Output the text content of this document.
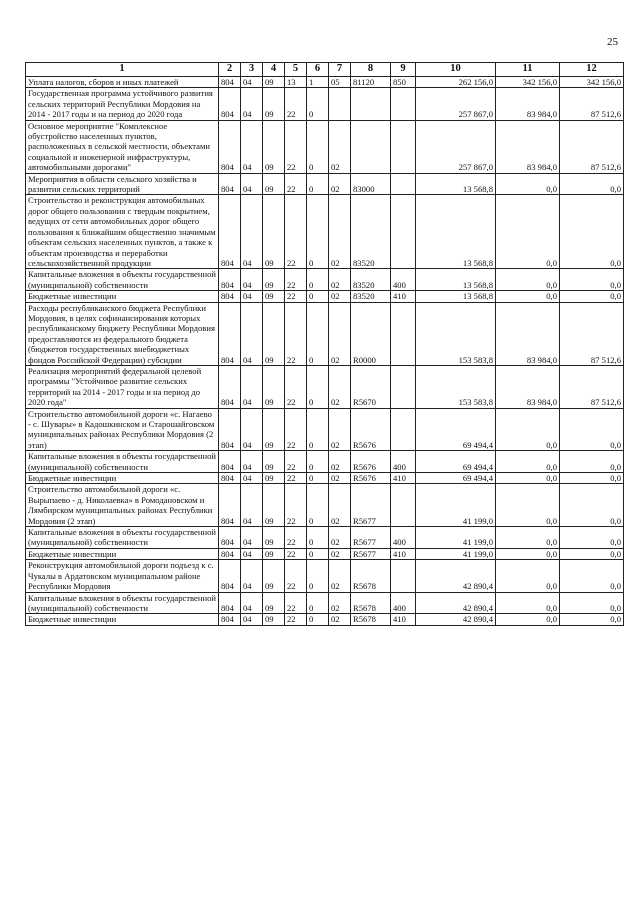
25
1	2	3	4	5	6	7	8	9	10	11	12
Уплата налогов, сборов и иных платежей	804	04	09	13	1	05	81120	850	262 156,0	342 156,0	342 156,0
Государственная программа устойчивого развития сельских территорий Республики Мордовия на 2014 - 2017 годы и на период до 2020 года	804	04	09	22	0				257 867,0	83 984,0	87 512,6
Основное мероприятие "Комплексное обустройство населенных пунктов, расположенных в сельской местности, объектами социальной и инженерной инфраструктуры, автомобильными дорогами"	804	04	09	22	0	02			257 867,0	83 984,0	87 512,6
Мероприятия в области сельского хозяйства и развития сельских территорий	804	04	09	22	0	02	83000		13 568,8	0,0	0,0
Строительство и реконструкция автомобильных дорог общего пользования с твердым покрытием, ведущих от сети автомобильных дорог общего пользования к ближайшим общественно значимым объектам сельских населенных пунктов, а также к объектам производства и переработки сельскохозяйственной продукции	804	04	09	22	0	02	83520		13 568,8	0,0	0,0
Капитальные вложения в объекты государственной (муниципальной) собственности	804	04	09	22	0	02	83520	400	13 568,8	0,0	0,0
Бюджетные инвестиции	804	04	09	22	0	02	83520	410	13 568,8	0,0	0,0
Расходы республиканского бюджета Республики Мордовия, в целях софинансирования которых республиканскому бюджету Республики Мордовия предоставляются из федерального бюджета (бюджетов государственных внебюджетных фондов Российской Федерации) субсидии	804	04	09	22	0	02	R0000		153 583,8	83 984,0	87 512,6
Реализация мероприятий федеральной целевой программы "Устойчивое развитие сельских территорий на 2014 - 2017 годы и на период до 2020 года"	804	04	09	22	0	02	R5670		153 583,8	83 984,0	87 512,6
Строительство автомобильной дороги «с. Нагаево - с. Шувары» в Кадошкинском и Старошайговском муниципальных районах Республики Мордовия (2 этап)	804	04	09	22	0	02	R5676		69 494,4	0,0	0,0
Капитальные вложения в объекты государственной (муниципальной) собственности	804	04	09	22	0	02	R5676	400	69 494,4	0,0	0,0
Бюджетные инвестиции	804	04	09	22	0	02	R5676	410	69 494,4	0,0	0,0
Строительство автомобильной дороги «с. Вырыпаево - д. Николаевка» в Ромодановском и Лямбирском муниципальных районах Республики Мордовия (2 этап)	804	04	09	22	0	02	R5677		41 199,0	0,0	0,0
Капитальные вложения в объекты государственной (муниципальной) собственности	804	04	09	22	0	02	R5677	400	41 199,0	0,0	0,0
Бюджетные инвестиции	804	04	09	22	0	02	R5677	410	41 199,0	0,0	0,0
Реконструкция автомобильной дороги подъезд к с. Чукалы в Ардатовском муниципальном районе Республики Мордовия	804	04	09	22	0	02	R5678		42 890,4	0,0	0,0
Капитальные вложения в объекты государственной (муниципальной) собственности	804	04	09	22	0	02	R5678	400	42 890,4	0,0	0,0
Бюджетные инвестиции	804	04	09	22	0	02	R5678	410	42 890,4	0,0	0,0
